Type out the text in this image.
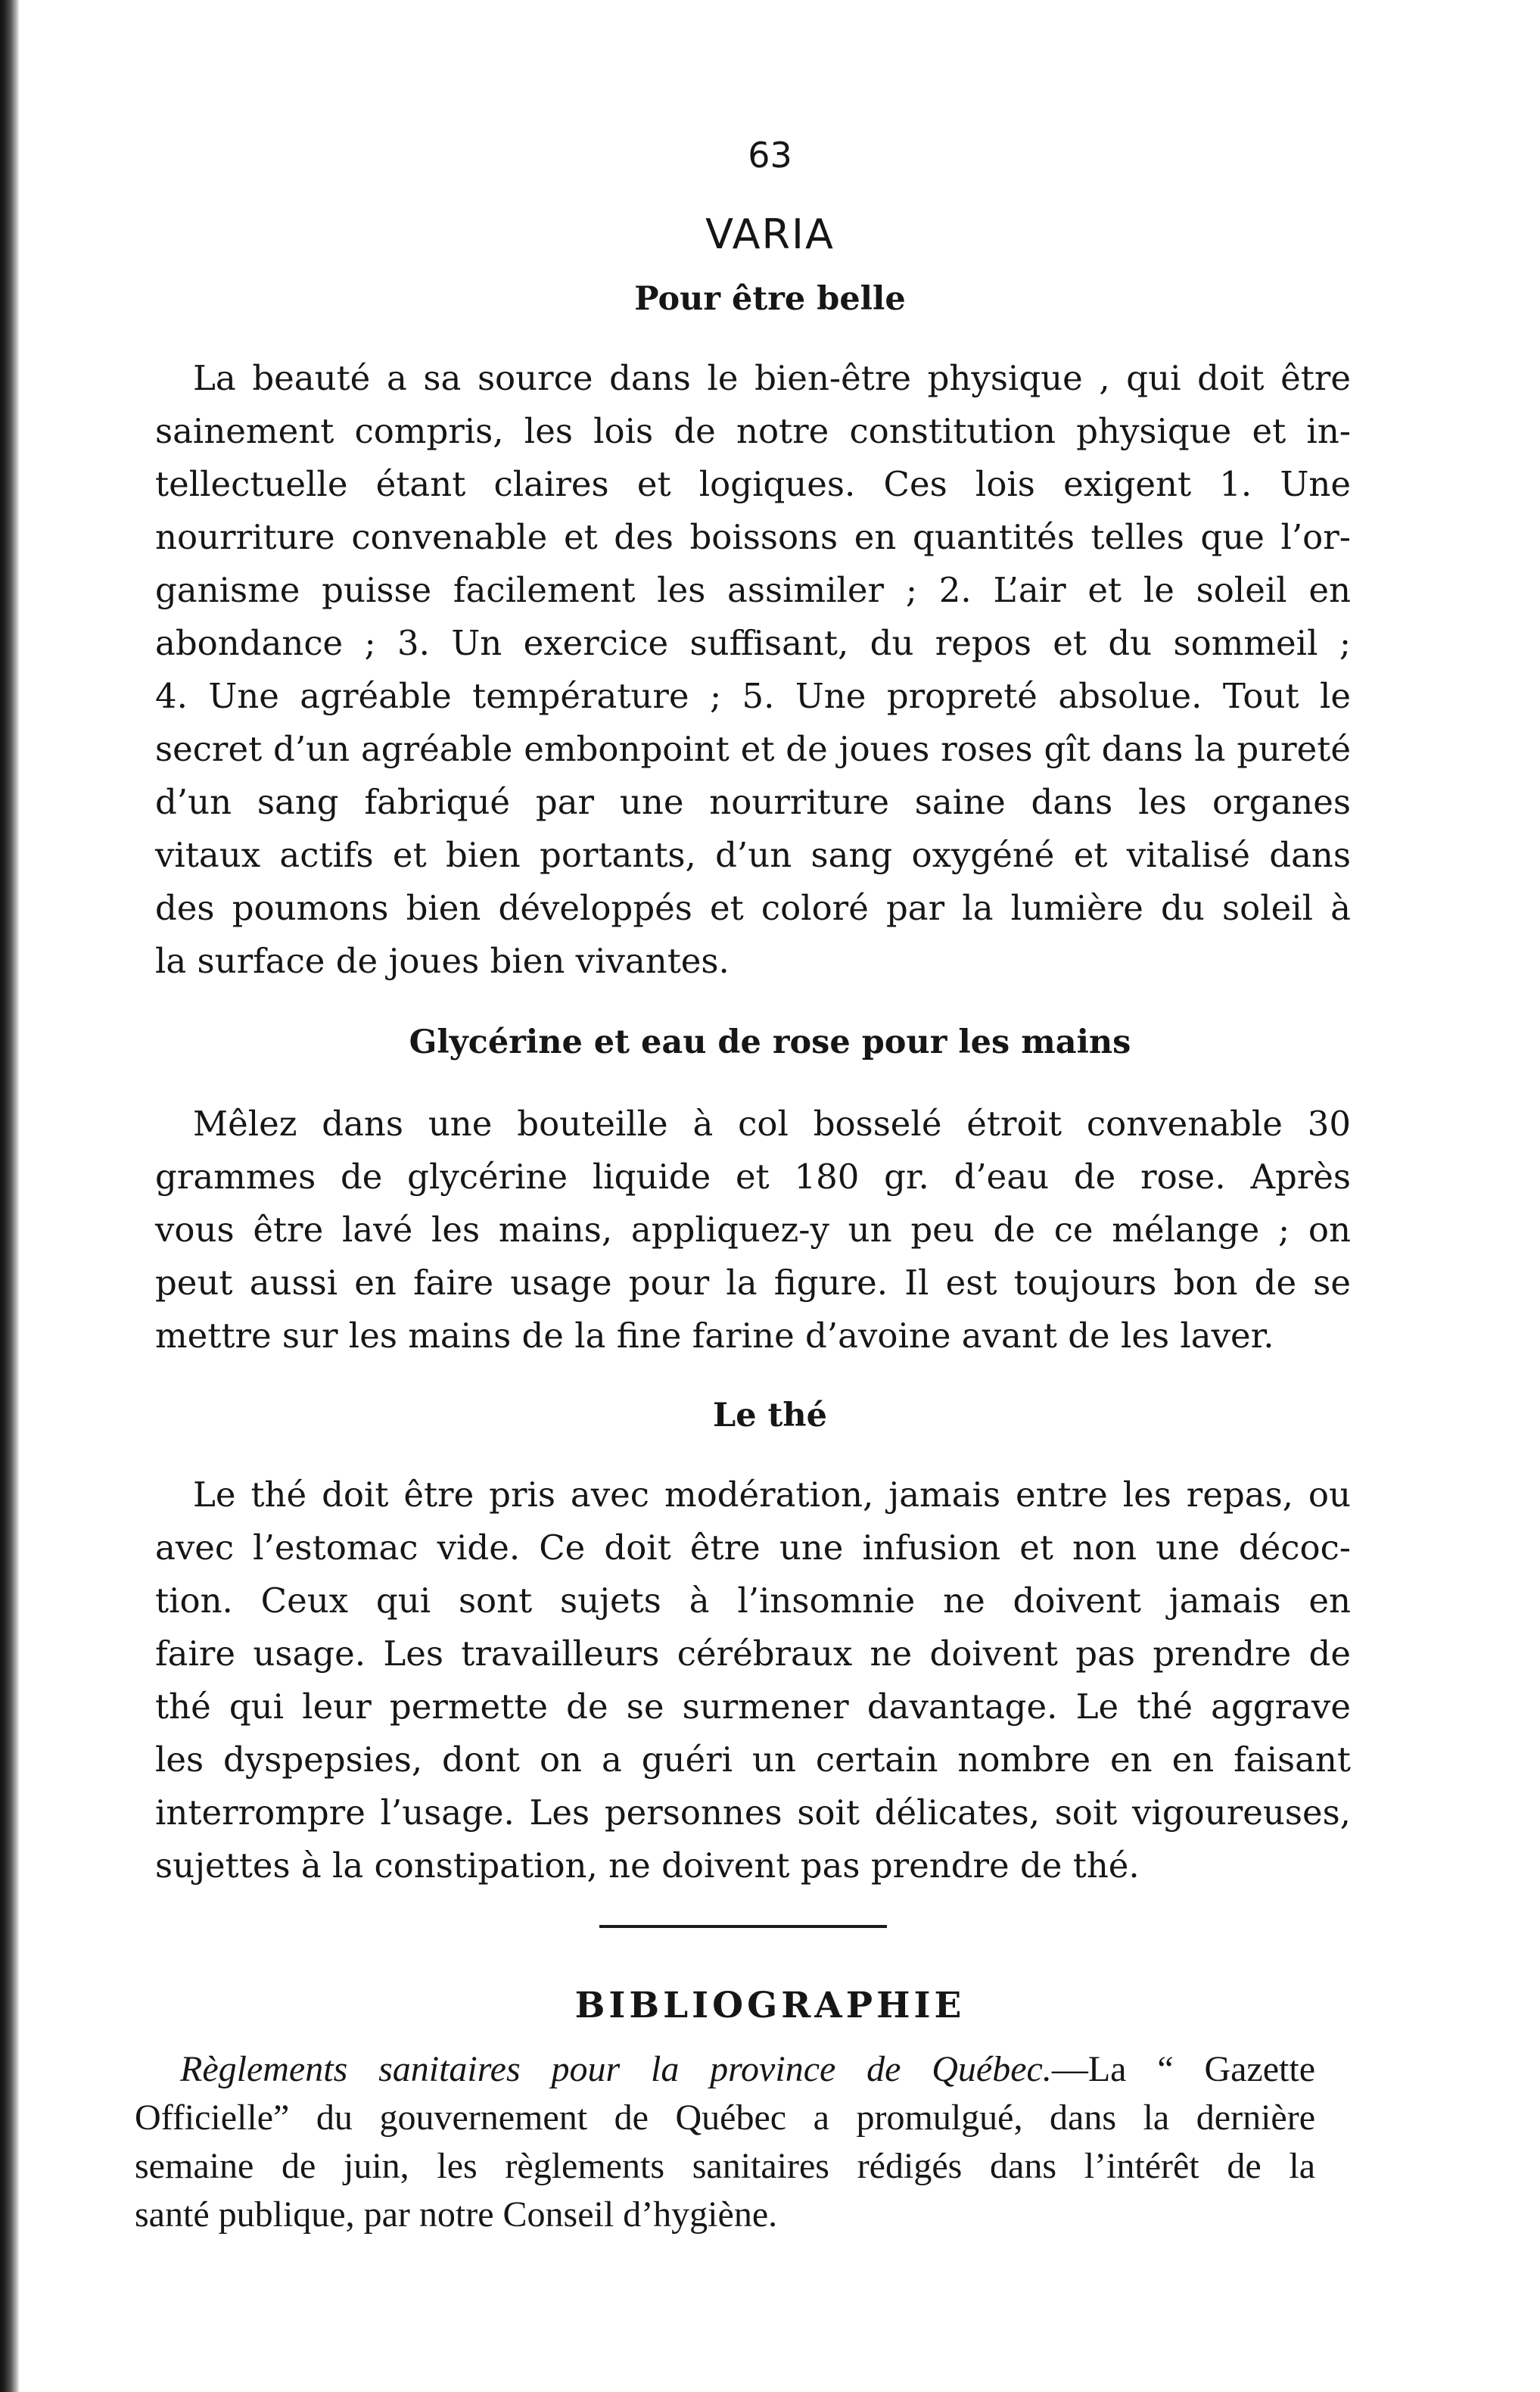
63
VARIA
Pour être belle
La beauté a sa source dans le bien-être physique , qui doit être
sainement compris, les lois de notre constitution physique et in-
tellectuelle étant claires et logiques. Ces lois exigent 1. Une
nourriture convenable et des boissons en quantités telles que l’or-
ganisme puisse facilement les assimiler ; 2. L’air et le soleil en
abondance ; 3. Un exercice suffisant, du repos et du sommeil ;
4. Une agréable température ; 5. Une propreté absolue. Tout le
secret d’un agréable embonpoint et de joues roses gît dans la pureté
d’un sang fabriqué par une nourriture saine dans les organes
vitaux actifs et bien portants, d’un sang oxygéné et vitalisé dans
des poumons bien développés et coloré par la lumière du soleil à
la surface de joues bien vivantes.
Glycérine et eau de rose pour les mains
Mêlez dans une bouteille à col bosselé étroit convenable 30
grammes de glycérine liquide et 180 gr. d’eau de rose. Après
vous être lavé les mains, appliquez-y un peu de ce mélange ; on
peut aussi en faire usage pour la figure. Il est toujours bon de se
mettre sur les mains de la fine farine d’avoine avant de les laver.
Le thé
Le thé doit être pris avec modération, jamais entre les repas, ou
avec l’estomac vide. Ce doit être une infusion et non une décoc-
tion. Ceux qui sont sujets à l’insomnie ne doivent jamais en
faire usage. Les travailleurs cérébraux ne doivent pas prendre de
thé qui leur permette de se surmener davantage. Le thé aggrave
les dyspepsies, dont on a guéri un certain nombre en en faisant
interrompre l’usage. Les personnes soit délicates, soit vigoureuses,
sujettes à la constipation, ne doivent pas prendre de thé.
BIBLIOGRAPHIE
Règlements sanitaires pour la province de Québec.—La “ Gazette
Officielle” du gouvernement de Québec a promulgué, dans la dernière
semaine de juin, les règlements sanitaires rédigés dans l’intérêt de la
santé publique, par notre Conseil d’hygiène.
